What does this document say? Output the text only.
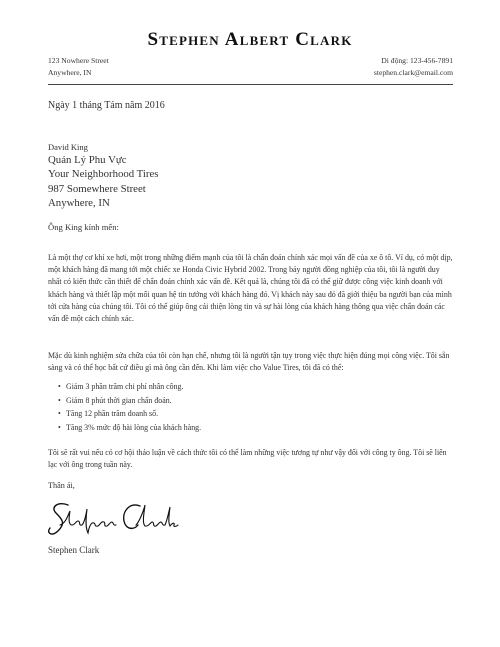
Stephen Albert Clark
123 Nowhere Street
Anywhere, IN
Di động: 123-456-7891
stephen.clark@email.com
Ngày 1 tháng Tám năm 2016
David King
Quản Lý Phu Vực
Your Neighborhood Tires
987 Somewhere Street
Anywhere, IN
Ông King kính mến:
Là một thợ cơ khí xe hơi, một trong những điểm mạnh của tôi là chẩn đoán chính xác mọi vấn đề của xe ô tô. Ví dụ, có một dịp, một khách hàng đã mang tới một chiếc xe Honda Civic Hybrid 2002. Trong bảy người đồng nghiệp của tôi, tôi là người duy nhất có kiến thức cần thiết để chẩn đoán chính xác vấn đề. Kết quả là, chúng tôi đã có thể giữ được công việc kinh doanh với khách hàng và thiết lập một mối quan hệ tin tưởng với khách hàng đó. Vị khách này sau đó đã giới thiệu ba người bạn của mình tới cửa hàng của chúng tôi. Tôi có thể giúp ông cải thiện lòng tin và sự hài lòng của khách hàng thông qua việc chẩn đoán các vấn đề một cách chính xác.
Mặc dù kinh nghiệm sửa chữa của tôi còn hạn chế, nhưng tôi là người tận tụy trong việc thực hiện đúng mọi công việc. Tôi sẵn sàng và có thể học bất cứ điều gì mà ông cần đến. Khi làm việc cho Value Tires, tôi đã có thể:
• Giảm 3 phần trăm chi phí nhân công.
• Giảm 8 phút thời gian chẩn đoán.
• Tăng 12 phần trăm doanh số.
• Tăng 3% mức độ hài lòng của khách hàng.
Tôi sẽ rất vui nếu có cơ hội thảo luận về cách thức tôi có thể làm những việc tương tự như vậy đối với công ty ông. Tôi sẽ liên lạc với ông trong tuần này.
Thân ái,
Stephen Clark
